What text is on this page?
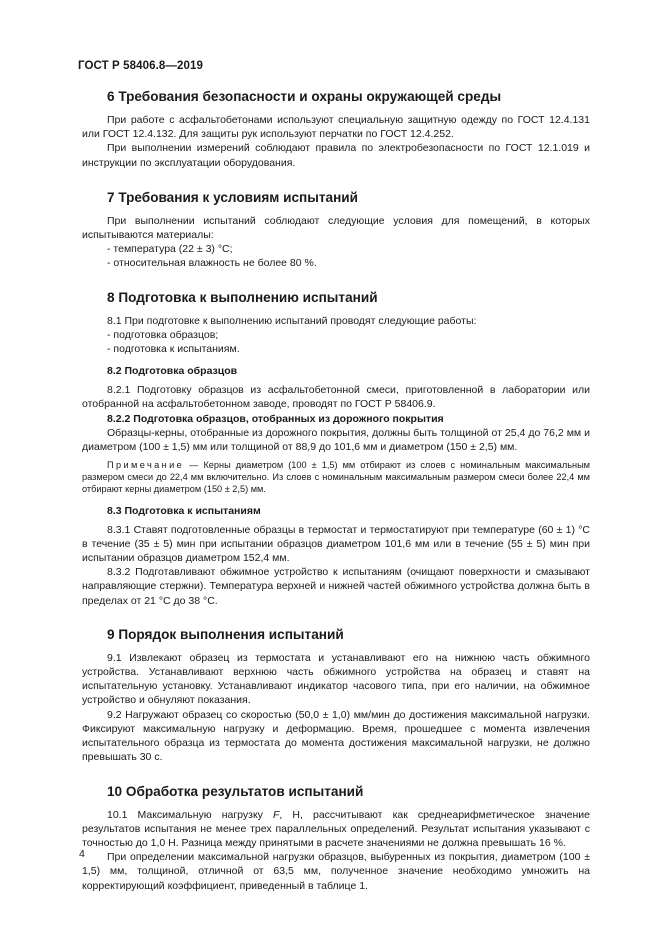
ГОСТ Р 58406.8—2019
6 Требования безопасности и охраны окружающей среды

При работе с асфальтобетонами используют специальную защитную одежду по ГОСТ 12.4.131 или ГОСТ 12.4.132. Для защиты рук используют перчатки по ГОСТ 12.4.252.

При выполнении измерений соблюдают правила по электробезопасности по ГОСТ 12.1.019 и инструкции по эксплуатации оборудования.

7 Требования к условиям испытаний

При выполнении испытаний соблюдают следующие условия для помещений, в которых испытываются материалы:

- температура (22 ± 3) °С;
- относительная влажность не более 80 %.
8 Подготовка к выполнению испытаний

8.1 При подготовке к выполнению испытаний проводят следующие работы:

- подготовка образцов;
- подготовка к испытаниям.
8.2 Подготовка образцов

8.2.1 Подготовку образцов из асфальтобетонной смеси, приготовленной в лаборатории или отобранной на асфальтобетонном заводе, проводят по ГОСТ Р 58406.9.

8.2.2 Подготовка образцов, отобранных из дорожного покрытия

Образцы-керны, отобранные из дорожного покрытия, должны быть толщиной от 25,4 до 76,2 мм и диаметром (100 ± 1,5) мм или толщиной от 88,9 до 101,6 мм и диаметром (150 ± 2,5) мм.

Примечание — Керны диаметром (100 ± 1,5) мм отбирают из слоев с номинальным максимальным размером смеси до 22,4 мм включительно. Из слоев с номинальным максимальным размером смеси более 22,4 мм отбирают керны диаметром (150 ± 2,5) мм.
8.3 Подготовка к испытаниям

8.3.1 Ставят подготовленные образцы в термостат и термостатируют при температуре (60 ± 1) °С в течение (35 ± 5) мин при испытании образцов диаметром 101,6 мм или в течение (55 ± 5) мин при испытании образцов диаметром 152,4 мм.

8.3.2 Подготавливают обжимное устройство к испытаниям (очищают поверхности и смазывают направляющие стержни). Температура верхней и нижней частей обжимного устройства должна быть в пределах от 21 °С до 38 °С.

9 Порядок выполнения испытаний

9.1 Извлекают образец из термостата и устанавливают его на нижнюю часть обжимного устройства. Устанавливают верхнюю часть обжимного устройства на образец и ставят на испытательную установку. Устанавливают индикатор часового типа, при его наличии, на обжимное устройство и обнуляют показания.

9.2 Нагружают образец со скоростью (50,0 ± 1,0) мм/мин до достижения максимальной нагрузки. Фиксируют максимальную нагрузку и деформацию. Время, прошедшее с момента извлечения испытательного образца из термостата до момента достижения максимальной нагрузки, не должно превышать 30 с.

10 Обработка результатов испытаний

10.1 Максимальную нагрузку F, Н, рассчитывают как среднеарифметическое значение результатов испытания не менее трех параллельных определений. Результат испытания указывают с точностью до 1,0 Н. Разница между принятыми в расчете значениями не должна превышать 16 %.

При определении максимальной нагрузки образцов, выбуренных из покрытия, диаметром (100 ± 1,5) мм, толщиной, отличной от 63,5 мм, полученное значение необходимо умножить на корректирующий коэффициент, приведенный в таблице 1.

4
